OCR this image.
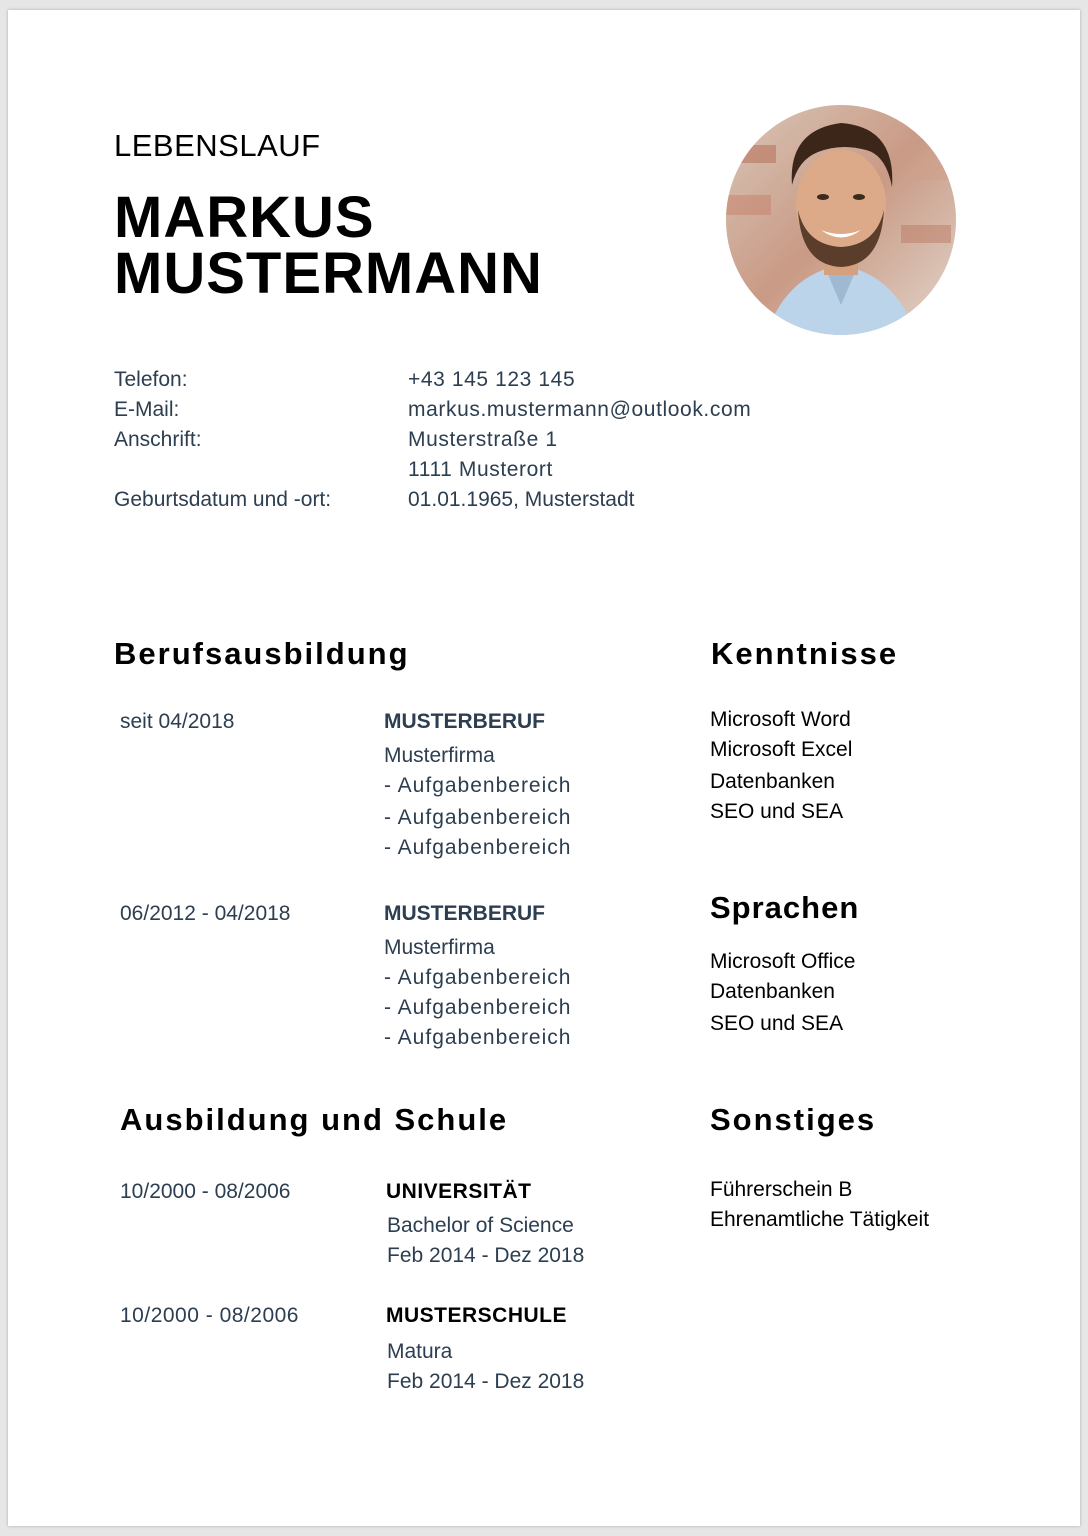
LEBENSLAUF
MARKUS
MUSTERMANN
Telefon:	+43 145 123 145
E-Mail:	markus.mustermann@outlook.com
Anschrift:	Musterstraße 1
1111 Musterort
Geburtsdatum und -ort:	01.01.1965, Musterstadt
Berufsausbildung
seit 04/2018	MUSTERBERUF
Musterfirma
- Aufgabenbereich
- Aufgabenbereich
- Aufgabenbereich
06/2012 - 04/2018	MUSTERBERUF
Musterfirma
- Aufgabenbereich
- Aufgabenbereich
- Aufgabenbereich
Ausbildung und Schule
10/2000 - 08/2006	UNIVERSITÄT
Bachelor of Science
Feb 2014 - Dez 2018
10/2000 - 08/2006	MUSTERSCHULE
Matura
Feb 2014 - Dez 2018
Kenntnisse
Microsoft Word
Microsoft Excel
Datenbanken
SEO und SEA
Sprachen
Microsoft Office
Datenbanken
SEO und SEA
Sonstiges
Führerschein B
Ehrenamtliche Tätigkeit
